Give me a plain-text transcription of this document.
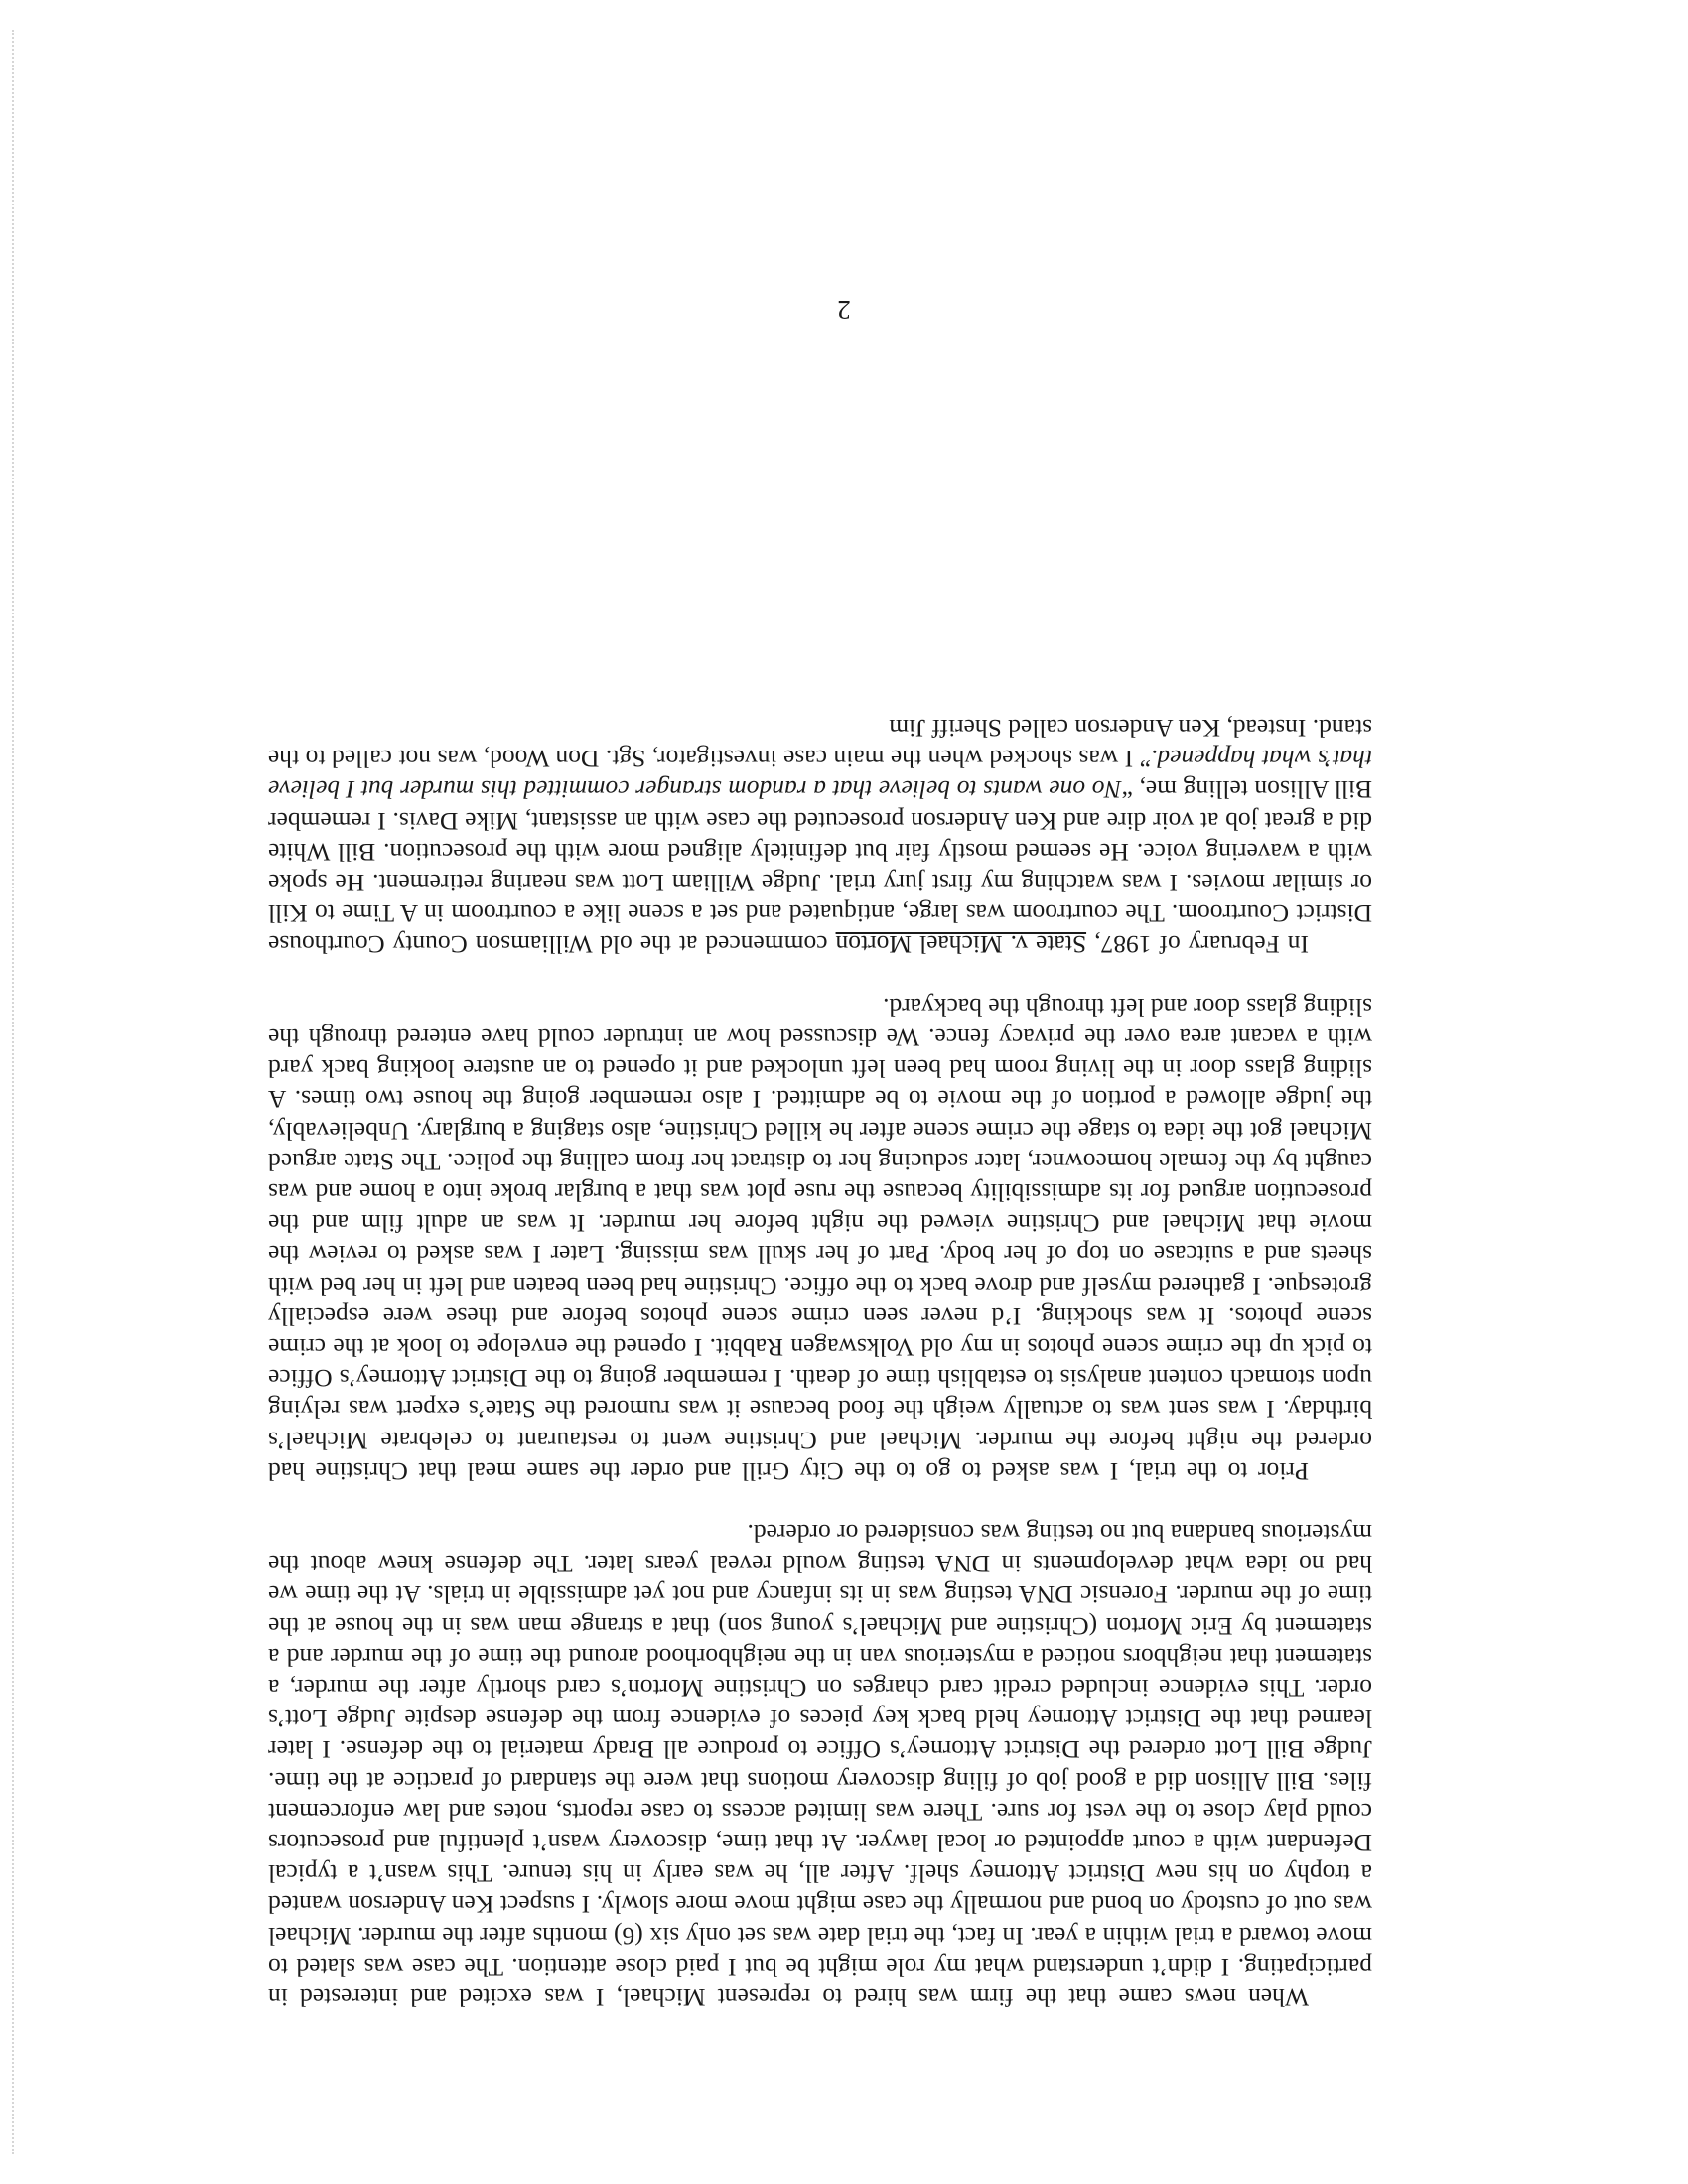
When news came that the firm was hired to represent Michael, I was excited and interested in participating. I didn’t understand what my role might be but I paid close attention. The case was slated to move toward a trial within a year. In fact, the trial date was set only six (6) months after the murder. Michael was out of custody on bond and normally the case might move more slowly. I suspect Ken Anderson wanted a trophy on his new District Attorney shelf. After all, he was early in his tenure. This wasn’t a typical Defendant with a court appointed or local lawyer. At that time, discovery wasn’t plentiful and prosecutors could play close to the vest for sure. There was limited access to case reports, notes and law enforcement files. Bill Allison did a good job of filing discovery motions that were the standard of practice at the time. Judge Bill Lott ordered the District Attorney’s Office to produce all Brady material to the defense. I later learned that the District Attorney held back key pieces of evidence from the defense despite Judge Lott’s order. This evidence included credit card charges on Christine Morton’s card shortly after the murder, a statement that neighbors noticed a mysterious van in the neighborhood around the time of the murder and a statement by Eric Morton (Christine and Michael’s young son) that a strange man was in the house at the time of the murder. Forensic DNA testing was in its infancy and not yet admissible in trials. At the time we had no idea what developments in DNA testing would reveal years later. The defense knew about the mysterious bandana but no testing was considered or ordered.

Prior to the trial, I was asked to go to the City Grill and order the same meal that Christine had ordered the night before the murder. Michael and Christine went to restaurant to celebrate Michael’s birthday. I was sent was to actually weigh the food because it was rumored the State’s expert was relying upon stomach content analysis to establish time of death. I remember going to the District Attorney’s Office to pick up the crime scene photos in my old Volkswagen Rabbit. I opened the envelope to look at the crime scene photos. It was shocking. I’d never seen crime scene photos before and these were especially grotesque. I gathered myself and drove back to the office. Christine had been beaten and left in her bed with sheets and a suitcase on top of her body. Part of her skull was missing. Later I was asked to review the movie that Michael and Christine viewed the night before her murder. It was an adult film and the prosecution argued for its admissibility because the ruse plot was that a burglar broke into a home and was caught by the female homeowner, later seducing her to distract her from calling the police. The State argued Michael got the idea to stage the crime scene after he killed Christine, also staging a burglary. Unbelievably, the judge allowed a portion of the movie to be admitted. I also remember going the house two times. A sliding glass door in the living room had been left unlocked and it opened to an austere looking back yard with a vacant area over the privacy fence. We discussed how an intruder could have entered through the sliding glass door and left through the backyard.

In February of 1987, State v. Michael Morton commenced at the old Williamson County Courthouse District Courtroom. The courtroom was large, antiquated and set a scene like a courtroom in A Time to Kill or similar movies. I was watching my first jury trial. Judge William Lott was nearing retirement. He spoke with a wavering voice. He seemed mostly fair but definitely aligned more with the prosecution. Bill White did a great job at voir dire and Ken Anderson prosecuted the case with an assistant, Mike Davis. I remember Bill Allison telling me, “No one wants to believe that a random stranger committed this murder but I believe that’s what happened.” I was shocked when the main case investigator, Sgt. Don Wood, was not called to the stand. Instead, Ken Anderson called Sheriff Jim

2
